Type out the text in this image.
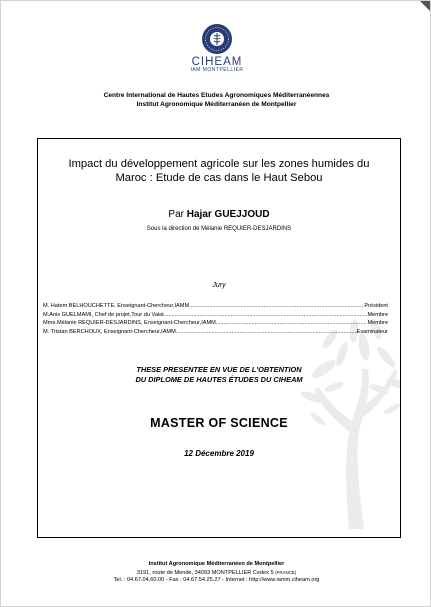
CIHEAM
IAM MONTPELLIER
Centre International de Hautes Etudes Agronomiques Méditerranéennes
Institut Agronomique Méditerranéen de Montpellier
Impact du développement agricole sur les zones humides du Maroc : Etude de cas dans le Haut Sebou
Par Hajar GUEJJOUD
Sous la direction de Mélanie REQUIER-DESJARDINS
Jury
M. Hatem BELHOUCHETTE, Enseignant-Chercheur,IAMM .....	Président
M.Anis GUELMAMI, Chef de projet,Tour du Valat .....	Membre
Mme.Mélanie REQUIER-DESJARDINS, Enseignant-Chercheur,IAMM .....	Membre
M. Tristan BERCHOUX, Enseignant-Chercheur,IAMM .....	Examinateur
THESE PRESENTEE EN VUE DE L'OBTENTION
DU DIPLOME DE HAUTES ÉTUDES DU CIHEAM
MASTER OF SCIENCE
12 Décembre 2019
Institut Agronomique Méditerranéen de Montpellier
3191, route de Mende, 34093 MONTPELLIER Cedex 5 (FRANCE)
Tel. : 04.67.04.60.00 - Fax : 04.67.54.25.27 - Internet : http://www.iamm.ciheam.org
